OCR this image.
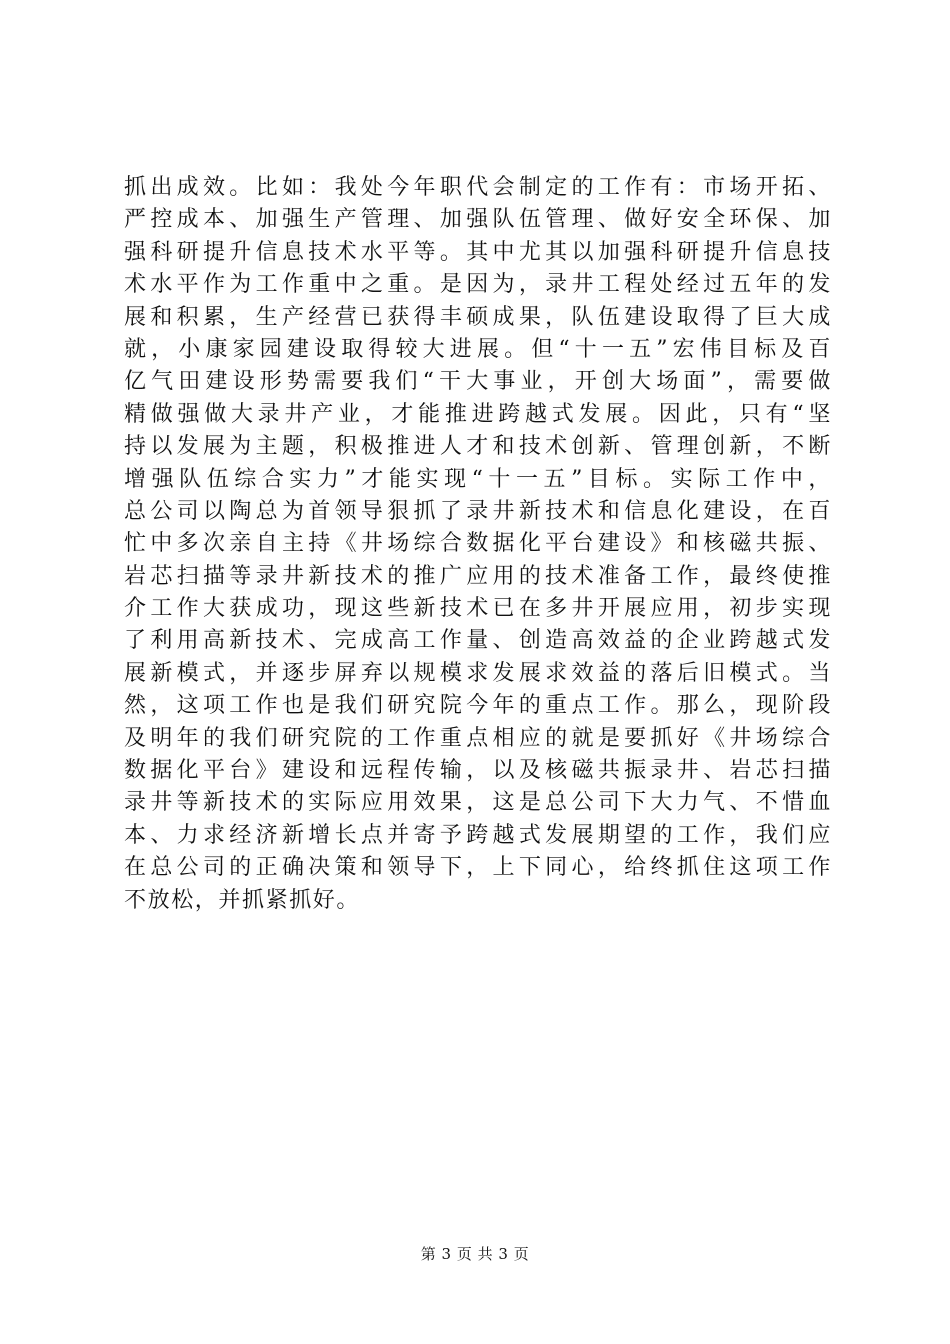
抓出成效。比如：我处今年职代会制定的工作有：市场开拓、
严控成本、加强生产管理、加强队伍管理、做好安全环保、加
强科研提升信息技术水平等。其中尤其以加强科研提升信息技
术水平作为工作重中之重。是因为，录井工程处经过五年的发
展和积累，生产经营已获得丰硕成果，队伍建设取得了巨大成
就，小康家园建设取得较大进展。但“十一五”宏伟目标及百
亿气田建设形势需要我们“干大事业，开创大场面”，需要做
精做强做大录井产业，才能推进跨越式发展。因此，只有“坚
持以发展为主题，积极推进人才和技术创新、管理创新，不断
增强队伍综合实力”才能实现“十一五”目标。实际工作中，
总公司以陶总为首领导狠抓了录井新技术和信息化建设，在百
忙中多次亲自主持《井场综合数据化平台建设》和核磁共振、
岩芯扫描等录井新技术的推广应用的技术准备工作，最终使推
介工作大获成功，现这些新技术已在多井开展应用，初步实现
了利用高新技术、完成高工作量、创造高效益的企业跨越式发
展新模式，并逐步屏弃以规模求发展求效益的落后旧模式。当
然，这项工作也是我们研究院今年的重点工作。那么，现阶段
及明年的我们研究院的工作重点相应的就是要抓好《井场综合
数据化平台》建设和远程传输，以及核磁共振录井、岩芯扫描
录井等新技术的实际应用效果，这是总公司下大力气、不惜血
本、力求经济新增长点并寄予跨越式发展期望的工作，我们应
在总公司的正确决策和领导下，上下同心，给终抓住这项工作
不放松，并抓紧抓好。
第 3 页 共 3 页
